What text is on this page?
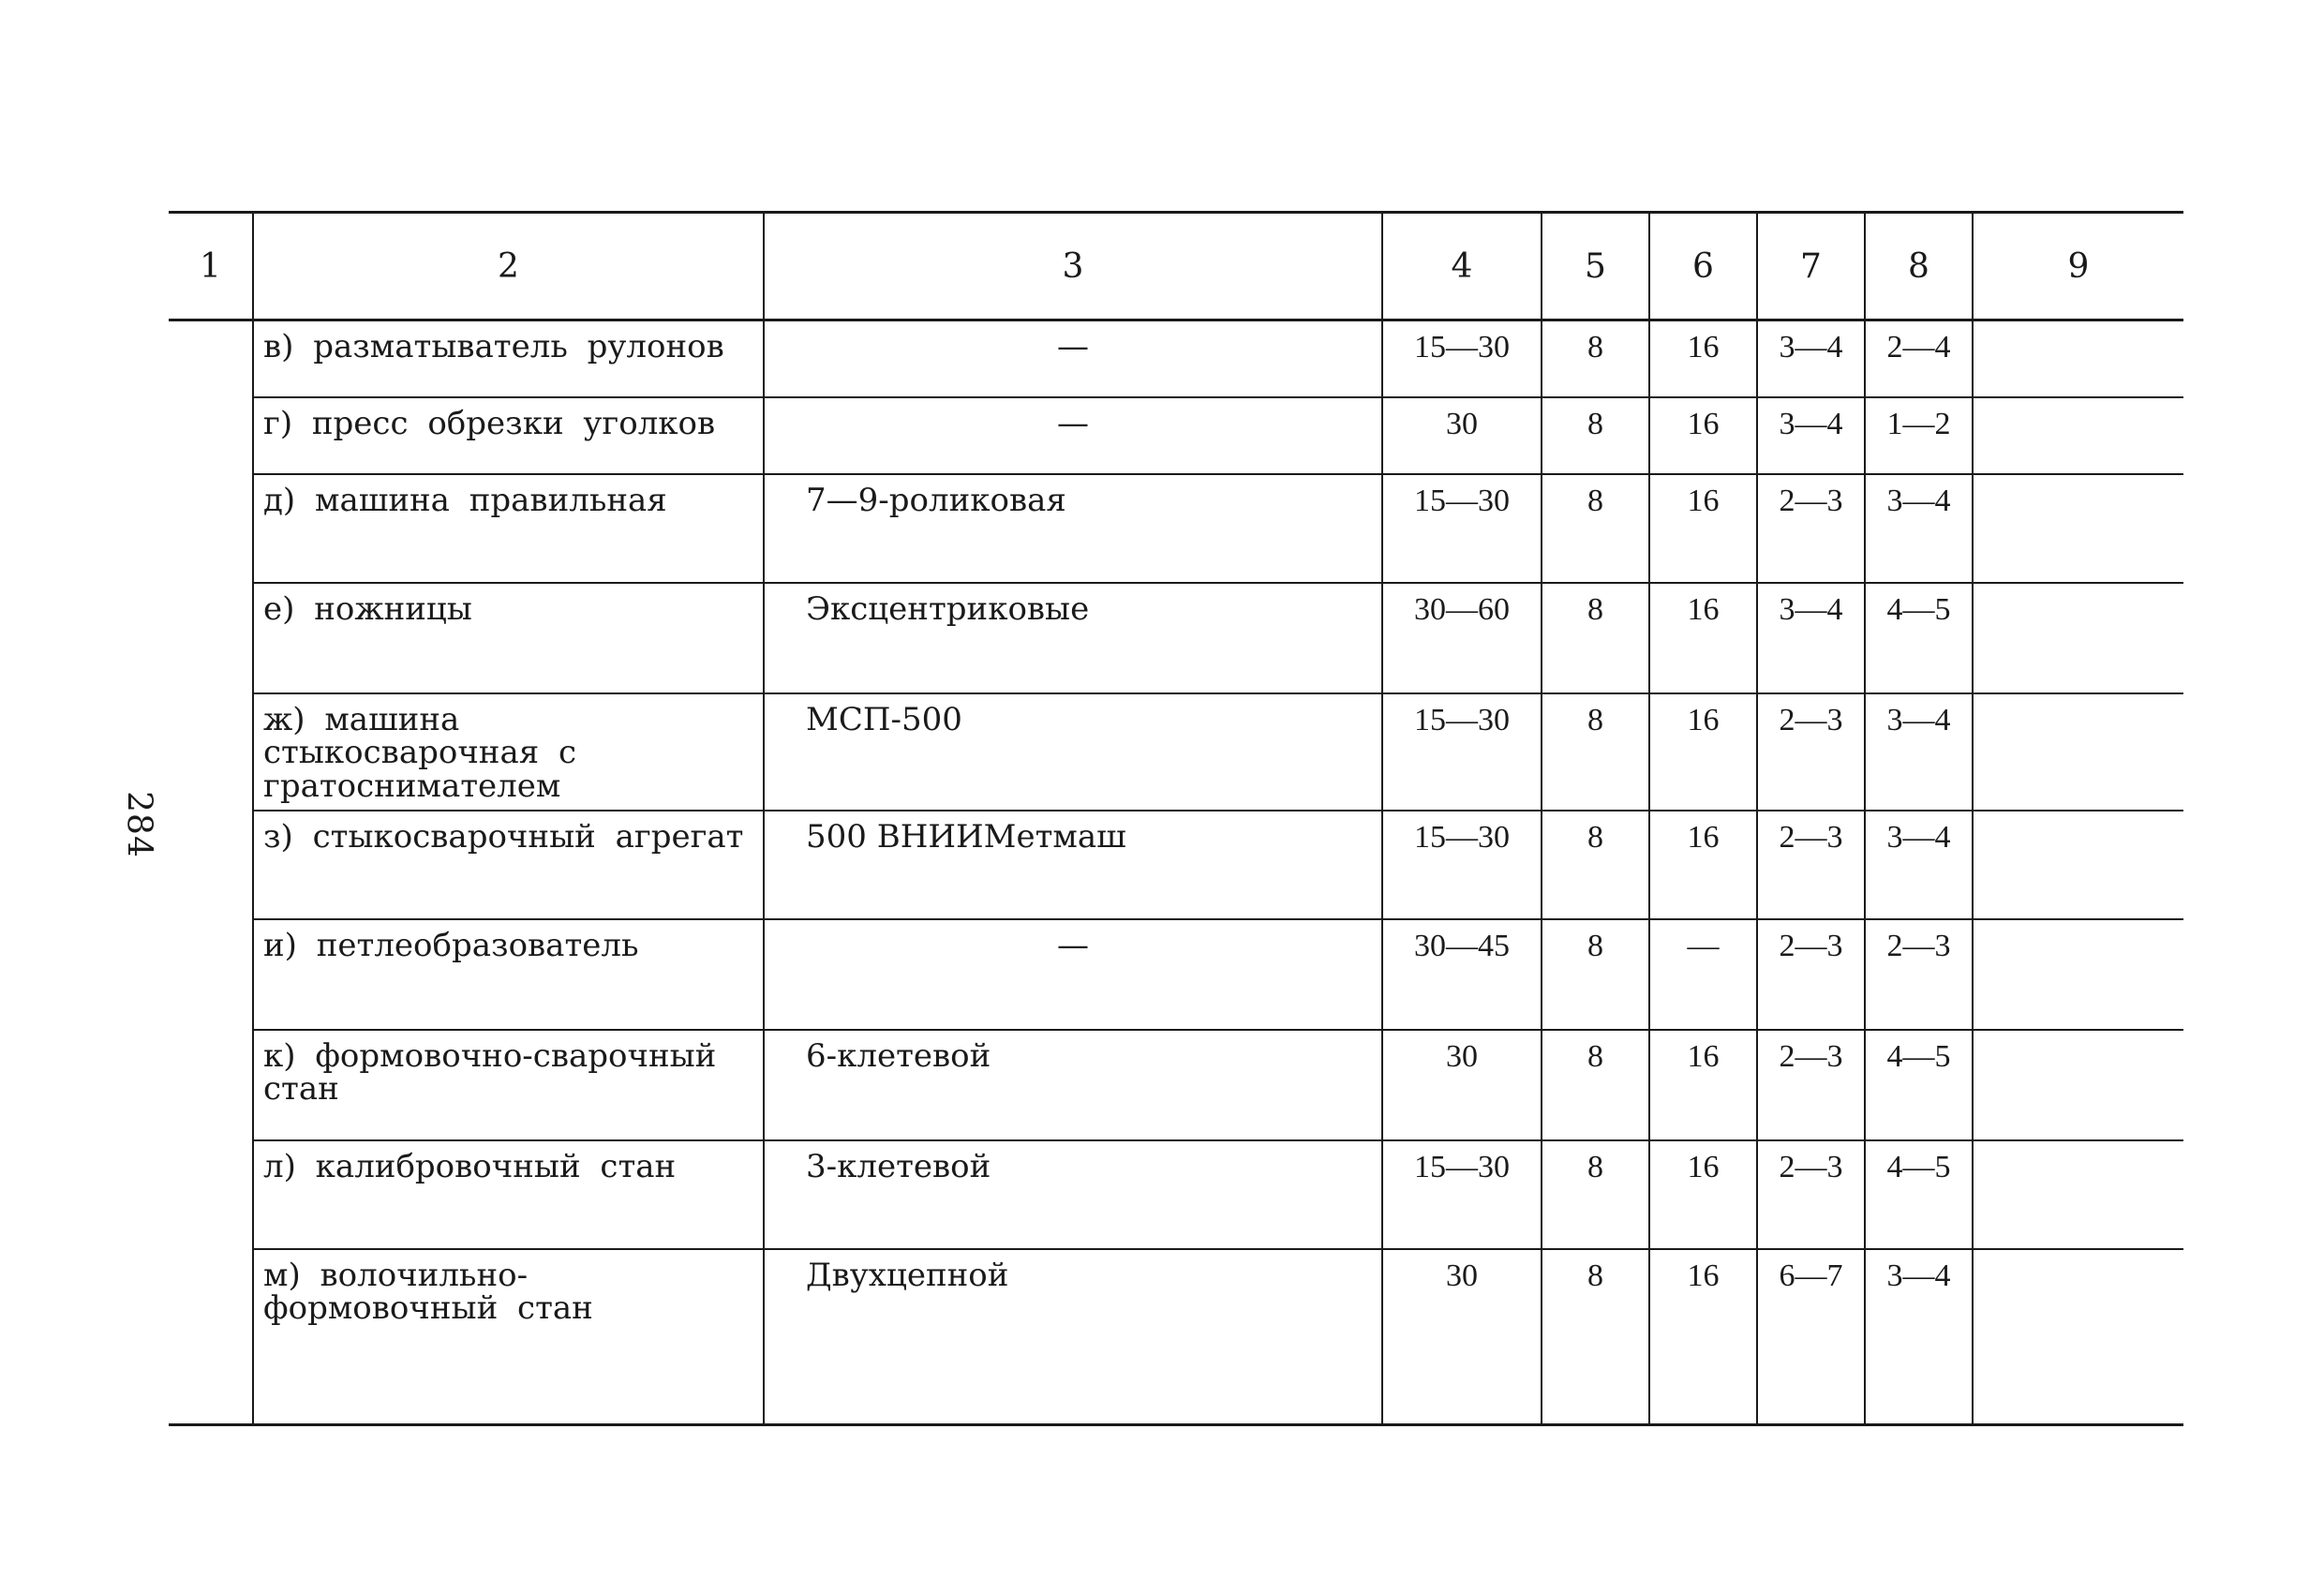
284
1	2	3	4	5	6	7	8	9
	в) разматыватель рулонов	—	15—30	8	16	3—4	2—4	
	г) пресс обрезки уголков	—	30	8	16	3—4	1—2	
	д) машина правильная	7—9-роликовая	15—30	8	16	2—3	3—4	
	е) ножницы	Эксцентриковые	30—60	8	16	3—4	4—5	
	ж) машина стыкосварочная с гратоснимателем	МСП-500	15—30	8	16	2—3	3—4	
	з) стыкосварочный агрегат	500 ВНИИМетмаш	15—30	8	16	2—3	3—4	
	и) петлеобразователь	—	30—45	8	—	2—3	2—3	
	к) формовочно-сварочный стан	6-клетевой	30	8	16	2—3	4—5	
	л) калибровочный стан	3-клетевой	15—30	8	16	2—3	4—5	
	м) волочильно-формовочный стан	Двухцепной	30	8	16	6—7	3—4	
